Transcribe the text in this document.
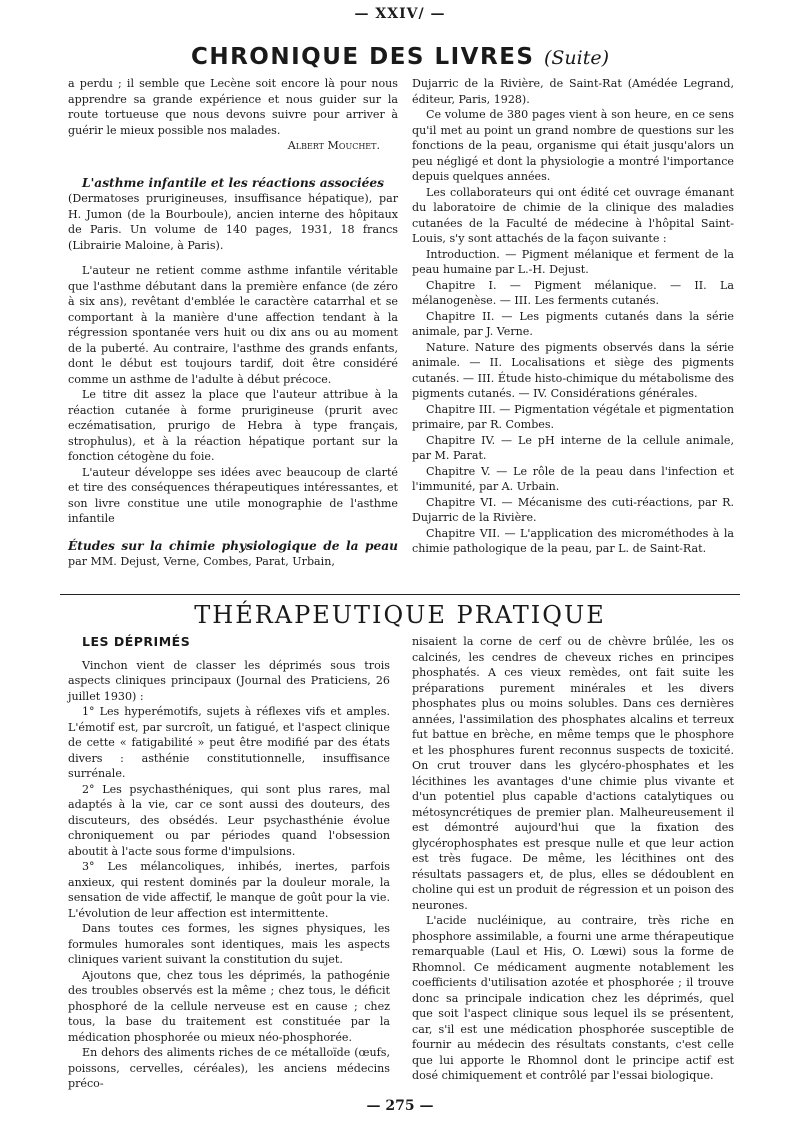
— XXIV/ —
CHRONIQUE DES LIVRES (Suite)

a perdu ; il semble que Lecène soit encore là pour nous apprendre sa grande expérience et nous guider sur la route tortueuse que nous devons suivre pour arriver à guérir le mieux possible nos malades.

Albert Mouchet.

L'asthme infantile et les réactions associées

(Dermatoses prurigineuses, insuffisance hépatique), par H. Jumon (de la Bourboule), ancien interne des hôpitaux de Paris. Un volume de 140 pages, 1931, 18 francs (Librairie Maloine, à Paris).

L'auteur ne retient comme asthme infantile véritable que l'asthme débutant dans la première enfance (de zéro à six ans), revêtant d'emblée le caractère catarrhal et se comportant à la manière d'une affection tendant à la régression spontanée vers huit ou dix ans ou au moment de la puberté. Au contraire, l'asthme des grands enfants, dont le début est toujours tardif, doit être considéré comme un asthme de l'adulte à début précoce.

Le titre dit assez la place que l'auteur attribue à la réaction cutanée à forme prurigineuse (prurit avec eczématisation, prurigo de Hebra à type français, strophulus), et à la réaction hépatique portant sur la fonction cétogène du foie.

L'auteur développe ses idées avec beaucoup de clarté et tire des conséquences thérapeutiques intéressantes, et son livre constitue une utile monographie de l'asthme infantile

Études sur la chimie physiologique de la peau par MM. Dejust, Verne, Combes, Parat, Urbain,

Dujarric de la Rivière, de Saint-Rat (Amédée Legrand, éditeur, Paris, 1928).

Ce volume de 380 pages vient à son heure, en ce sens qu'il met au point un grand nombre de questions sur les fonctions de la peau, organisme qui était jusqu'alors un peu négligé et dont la physiologie a montré l'importance depuis quelques années.

Les collaborateurs qui ont édité cet ouvrage émanant du laboratoire de chimie de la clinique des maladies cutanées de la Faculté de médecine à l'hôpital Saint-Louis, s'y sont attachés de la façon suivante :

Introduction. — Pigment mélanique et ferment de la peau humaine par L.-H. Dejust.

Chapitre I. — Pigment mélanique. — II. La mélanogenèse. — III. Les ferments cutanés.

Chapitre II. — Les pigments cutanés dans la série animale, par J. Verne.

Nature. Nature des pigments observés dans la série animale. — II. Localisations et siège des pigments cutanés. — III. Étude histo-chimique du métabolisme des pigments cutanés. — IV. Considérations générales.

Chapitre III. — Pigmentation végétale et pigmentation primaire, par R. Combes.

Chapitre IV. — Le pH interne de la cellule animale, par M. Parat.

Chapitre V. — Le rôle de la peau dans l'infection et l'immunité, par A. Urbain.

Chapitre VI. — Mécanisme des cuti-réactions, par R. Dujarric de la Rivière.

Chapitre VII. — L'application des microméthodes à la chimie pathologique de la peau, par L. de Saint-Rat.

THÉRAPEUTIQUE PRATIQUE

LES DÉPRIMÉS

Vinchon vient de classer les déprimés sous trois aspects cliniques principaux (Journal des Praticiens, 26 juillet 1930) :

1° Les hyperémotifs, sujets à réflexes vifs et amples. L'émotif est, par surcroît, un fatigué, et l'aspect clinique de cette « fatigabilité » peut être modifié par des états divers : asthénie constitutionnelle, insuffisance surrénale.

2° Les psychasthéniques, qui sont plus rares, mal adaptés à la vie, car ce sont aussi des douteurs, des discuteurs, des obsédés. Leur psychasthénie évolue chroniquement ou par périodes quand l'obsession aboutit à l'acte sous forme d'impulsions.

3° Les mélancoliques, inhibés, inertes, parfois anxieux, qui restent dominés par la douleur morale, la sensation de vide affectif, le manque de goût pour la vie. L'évolution de leur affection est intermittente.

Dans toutes ces formes, les signes physiques, les formules humorales sont identiques, mais les aspects cliniques varient suivant la constitution du sujet.

Ajoutons que, chez tous les déprimés, la pathogénie des troubles observés est la même ; chez tous, le déficit phosphoré de la cellule nerveuse est en cause ; chez tous, la base du traitement est constituée par la médication phosphorée ou mieux néo-phosphorée.

En dehors des aliments riches de ce métalloïde (œufs, poissons, cervelles, céréales), les anciens médecins préco-

nisaient la corne de cerf ou de chèvre brûlée, les os calcinés, les cendres de cheveux riches en principes phosphatés. A ces vieux remèdes, ont fait suite les préparations purement minérales et les divers phosphates plus ou moins solubles. Dans ces dernières années, l'assimilation des phosphates alcalins et terreux fut battue en brèche, en même temps que le phosphore et les phosphures furent reconnus suspects de toxicité. On crut trouver dans les glycéro-phosphates et les lécithines les avantages d'une chimie plus vivante et d'un potentiel plus capable d'actions catalytiques ou métosyncrétiques de premier plan. Malheureusement il est démontré aujourd'hui que la fixation des glycérophosphates est presque nulle et que leur action est très fugace. De même, les lécithines ont des résultats passagers et, de plus, elles se dédoublent en choline qui est un produit de régression et un poison des neurones.

L'acide nucléinique, au contraire, très riche en phosphore assimilable, a fourni une arme thérapeutique remarquable (Laul et His, O. Lœwi) sous la forme de Rhomnol. Ce médicament augmente notablement les coefficients d'utilisation azotée et phosphorée ; il trouve donc sa principale indication chez les déprimés, quel que soit l'aspect clinique sous lequel ils se présentent, car, s'il est une médication phosphorée susceptible de fournir au médecin des résultats constants, c'est celle que lui apporte le Rhomnol dont le principe actif est dosé chimiquement et contrôlé par l'essai biologique.

— 275 —
